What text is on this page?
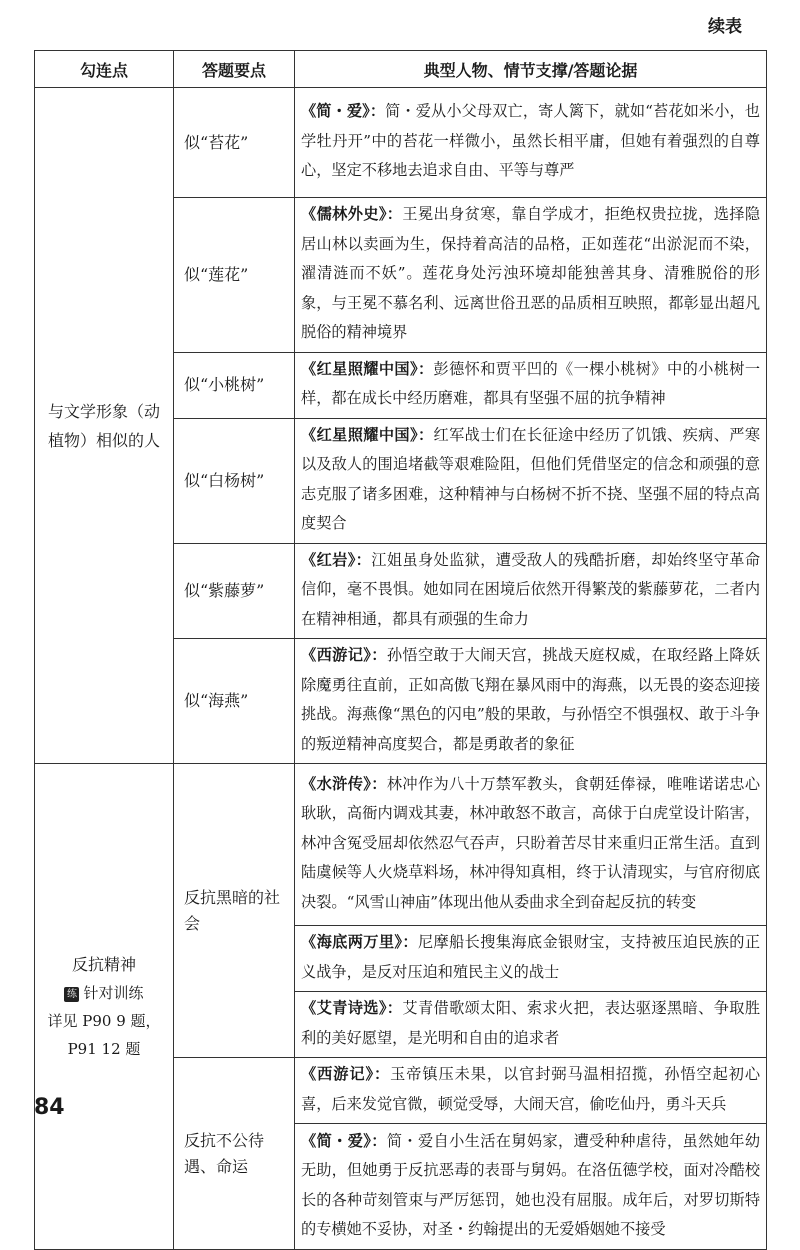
续表
勾连点	答题要点	典型人物、情节支撑/答题论据
与文学形象（动植物）相似的人	似“苔花”	《简・爱》：简・爱从小父母双亡，寄人篱下，就如“苔花如米小，也学牡丹开”中的苔花一样微小，虽然长相平庸，但她有着强烈的自尊心，坚定不移地去追求自由、平等与尊严
	似“莲花”	《儒林外史》：王冕出身贫寒，靠自学成才，拒绝权贵拉拢，选择隐居山林以卖画为生，保持着高洁的品格，正如莲花“出淤泥而不染，濯清涟而不妖”。莲花身处污浊环境却能独善其身、清雅脱俗的形象，与王冕不慕名利、远离世俗丑恶的品质相互映照，都彰显出超凡脱俗的精神境界
	似“小桃树”	《红星照耀中国》：彭德怀和贾平凹的《一棵小桃树》中的小桃树一样，都在成长中经历磨难，都具有坚强不屈的抗争精神
	似“白杨树”	《红星照耀中国》：红军战士们在长征途中经历了饥饿、疾病、严寒以及敌人的围追堵截等艰难险阻，但他们凭借坚定的信念和顽强的意志克服了诸多困难，这种精神与白杨树不折不挠、坚强不屈的特点高度契合
	似“紫藤萝”	《红岩》：江姐虽身处监狱，遭受敌人的残酷折磨，却始终坚守革命信仰，毫不畏惧。她如同在困境后依然开得繁茂的紫藤萝花，二者内在精神相通，都具有顽强的生命力
	似“海燕”	《西游记》：孙悟空敢于大闹天宫，挑战天庭权威，在取经路上降妖除魔勇往直前，正如高傲飞翔在暴风雨中的海燕，以无畏的姿态迎接挑战。海燕像“黑色的闪电”般的果敢，与孙悟空不惧强权、敢于斗争的叛逆精神高度契合，都是勇敢者的象征

反抗精神
练 针对训练
详见 P90 9 题，
P91 12 题	反抗黑暗的社会	《水浒传》：林冲作为八十万禁军教头，食朝廷俸禄，唯唯诺诺忠心耿耿，高衙内调戏其妻，林冲敢怒不敢言，高俅于白虎堂设计陷害，林冲含冤受屈却依然忍气吞声，只盼着苦尽甘来重归正常生活。直到陆虞候等人火烧草料场，林冲得知真相，终于认清现实，与官府彻底决裂。“风雪山神庙”体现出他从委曲求全到奋起反抗的转变
		《海底两万里》：尼摩船长搜集海底金银财宝，支持被压迫民族的正义战争，是反对压迫和殖民主义的战士
		《艾青诗选》：艾青借歌颂太阳、索求火把，表达驱逐黑暗、争取胜利的美好愿望，是光明和自由的追求者
	反抗不公待遇、命运	《西游记》：玉帝镇压未果，以官封弼马温相招揽，孙悟空起初心喜，后来发觉官微，顿觉受辱，大闹天宫，偷吃仙丹，勇斗天兵
		《简・爱》：简・爱自小生活在舅妈家，遭受种种虐待，虽然她年幼无助，但她勇于反抗恶毒的表哥与舅妈。在洛伍德学校，面对冷酷校长的各种苛刻管束与严厉惩罚，她也没有屈服。成年后，对罗切斯特的专横她不妥协，对圣・约翰提出的无爱婚姻她不接受
84
